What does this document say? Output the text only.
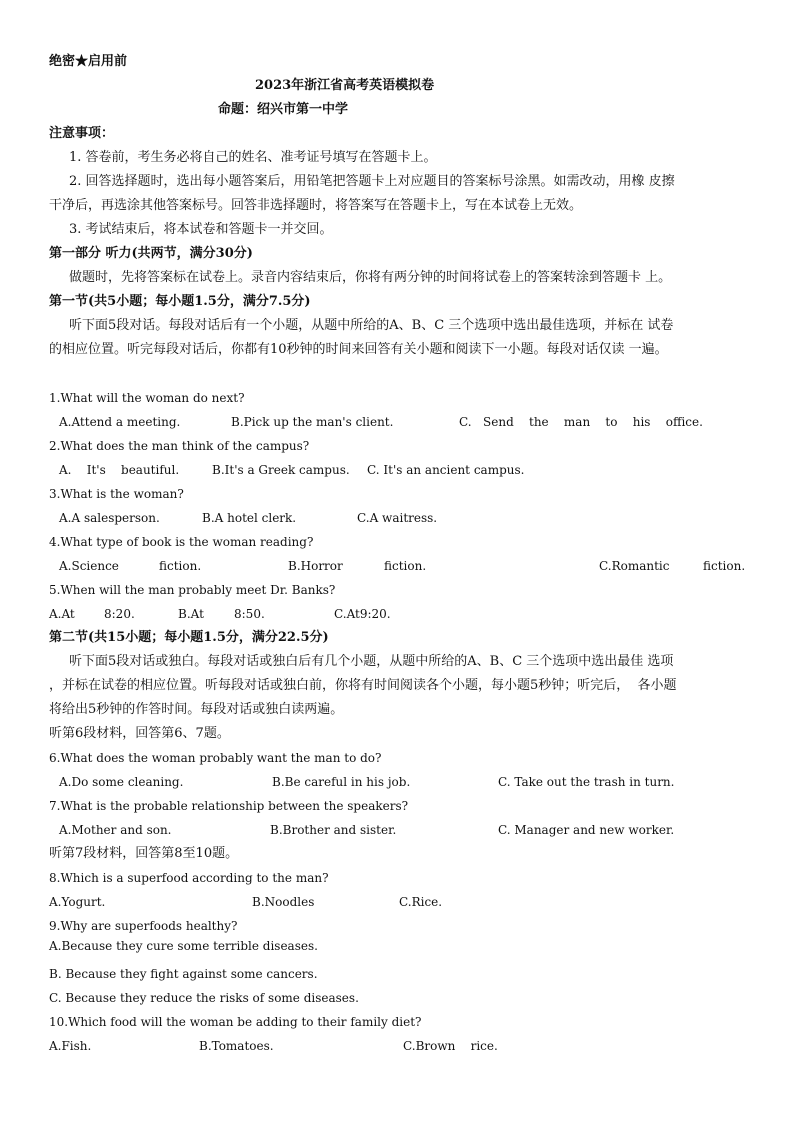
绝密★启用前
2023年浙江省高考英语模拟卷
命题：绍兴市第一中学
注意事项：
1. 答卷前，考生务必将自己的姓名、准考证号填写在答题卡上。
2. 回答选择题时，选出每小题答案后，用铅笔把答题卡上对应题目的答案标号涂黑。如需改动，用橡 皮擦
干净后，再选涂其他答案标号。回答非选择题时，将答案写在答题卡上，写在本试卷上无效。
3. 考试结束后，将本试卷和答题卡一并交回。
第一部分 听力(共两节，满分30分)
做题时，先将答案标在试卷上。录音内容结束后，你将有两分钟的时间将试卷上的答案转涂到答题卡 上。
第一节(共5小题；每小题1.5分，满分7.5分)
听下面5段对话。每段对话后有一个小题，从题中所给的A、B、C 三个选项中选出最佳选项，并标在 试卷
的相应位置。听完每段对话后，你都有10秒钟的时间来回答有关小题和阅读下一小题。每段对话仅读 一遍。
1.What will the woman do next?
A.Attend a meeting.	B.Pick up the man's client.	C.   Send    the    man    to    his    office.
2.What does the man think of the campus?
A.    It's    beautiful.	B.It's a Greek campus. C. It's an ancient campus.
3.What is the woman?
A.A salesperson.	B.A hotel clerk.	C.A waitress.
4.What type of book is the woman reading?
A.Science	fiction.	B.Horror	fiction.	C.Romantic	fiction.
5.When will the man probably meet Dr. Banks?
A.At 8:20.	B.At	8:50.	C.At9:20.
第二节(共15小题；每小题1.5分，满分22.5分)
听下面5段对话或独白。每段对话或独白后有几个小题，从题中所给的A、B、C 三个选项中选出最佳 选项
，并标在试卷的相应位置。听每段对话或独白前，你将有时间阅读各个小题，每小题5秒钟；听完后，  各小题
将给出5秒钟的作答时间。每段对话或独白读两遍。
听第6段材料，回答第6、7题。
6.What does the woman probably want the man to do?
A.Do some cleaning.	B.Be careful in his job.	C. Take out the trash in turn.
7.What is the probable relationship between the speakers?
A.Mother and son.	B.Brother and sister.	C. Manager and new worker.
听第7段材料，回答第8至10题。
8.Which is a superfood according to the man?
A.Yogurt.	B.Noodles	C.Rice.
9.Why are superfoods healthy?
A.Because they cure some terrible diseases.
B. Because they fight against some cancers.
C. Because they reduce the risks of some diseases.
10.Which food will the woman be adding to their family diet?
A.Fish.	B.Tomatoes.	C.Brown    rice.
